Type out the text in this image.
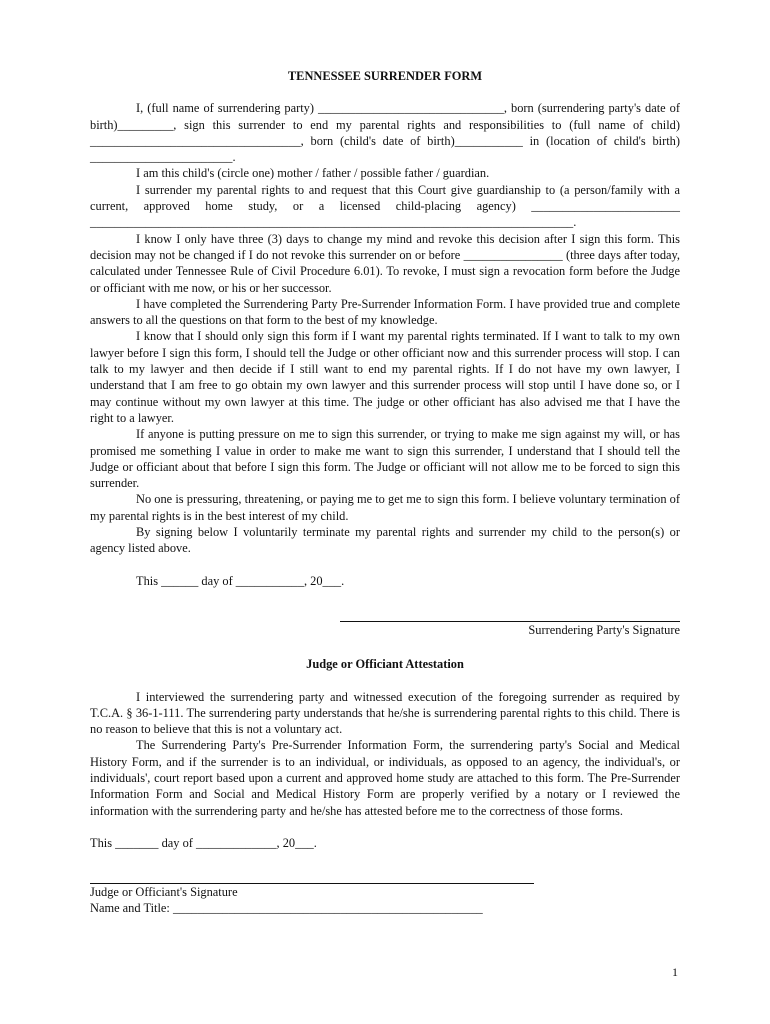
TENNESSEE SURRENDER FORM

I, (full name of surrendering party) ______________________________, born (surrendering party's date of birth)_________, sign this surrender to end my parental rights and responsibilities to (full name of child) __________________________________, born (child's date of birth)___________ in (location of child's birth) _______________________.

I am this child's (circle one) mother / father / possible father / guardian.

I surrender my parental rights to and request that this Court give guardianship to (a person/family with a current, approved home study, or a licensed child-placing agency) ________________________ ______________________________________________________________________________.

I know I only have three (3) days to change my mind and revoke this decision after I sign this form. This decision may not be changed if I do not revoke this surrender on or before ________________ (three days after today, calculated under Tennessee Rule of Civil Procedure 6.01). To revoke, I must sign a revocation form before the Judge or officiant with me now, or his or her successor.

I have completed the Surrendering Party Pre-Surrender Information Form. I have provided true and complete answers to all the questions on that form to the best of my knowledge.

I know that I should only sign this form if I want my parental rights terminated. If I want to talk to my own lawyer before I sign this form, I should tell the Judge or other officiant now and this surrender process will stop. I can talk to my lawyer and then decide if I still want to end my parental rights. If I do not have my own lawyer, I understand that I am free to go obtain my own lawyer and this surrender process will stop until I have done so, or I may continue without my own lawyer at this time. The judge or other officiant has also advised me that I have the right to a lawyer.

If anyone is putting pressure on me to sign this surrender, or trying to make me sign against my will, or has promised me something I value in order to make me want to sign this surrender, I understand that I should tell the Judge or officiant about that before I sign this form. The Judge or officiant will not allow me to be forced to sign this surrender.

No one is pressuring, threatening, or paying me to get me to sign this form. I believe voluntary termination of my parental rights is in the best interest of my child.

By signing below I voluntarily terminate my parental rights and surrender my child to the person(s) or agency listed above.

This ______ day of ___________, 20___.
Surrendering Party's Signature
Judge or Officiant Attestation

I interviewed the surrendering party and witnessed execution of the foregoing surrender as required by T.C.A. § 36-1-111. The surrendering party understands that he/she is surrendering parental rights to this child. There is no reason to believe that this is not a voluntary act.

The Surrendering Party's Pre-Surrender Information Form, the surrendering party's Social and Medical History Form, and if the surrender is to an individual, or individuals, as opposed to an agency, the individual's, or individuals', court report based upon a current and approved home study are attached to this form. The Pre-Surrender Information Form and Social and Medical History Form are properly verified by a notary or I reviewed the information with the surrendering party and he/she has attested before me to the correctness of those forms.

This _______ day of _____________, 20___.
Judge or Officiant's Signature
Name and Title: __________________________________________________
1
